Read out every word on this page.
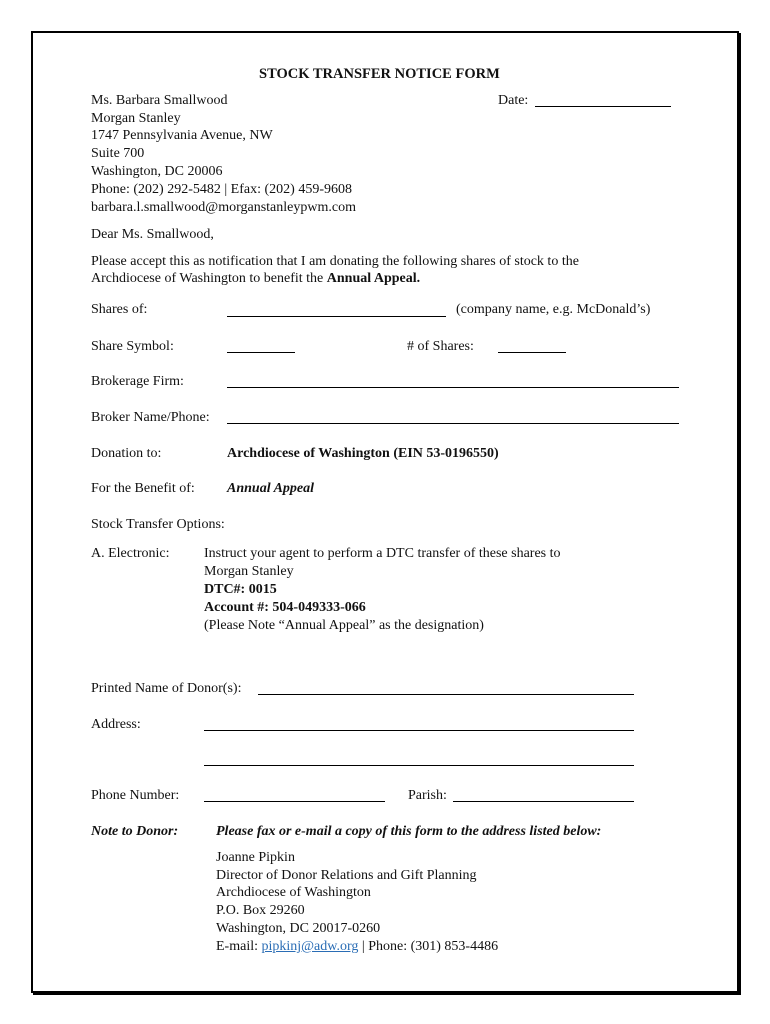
STOCK TRANSFER NOTICE FORM
Ms. Barbara Smallwood
Morgan Stanley
1747 Pennsylvania Avenue, NW
Suite 700
Washington, DC 20006
Phone: (202) 292-5482 | Efax: (202) 459-9608
barbara.l.smallwood@morganstanleypwm.com
Date:
Dear Ms. Smallwood,
Please accept this as notification that I am donating the following shares of stock to the
Archdiocese of Washington to benefit the Annual Appeal.
Shares of:	(company name, e.g. McDonald’s)
Share Symbol:	# of Shares:
Brokerage Firm:
Broker Name/Phone:
Donation to:	Archdiocese of Washington (EIN 53-0196550)
For the Benefit of: Annual Appeal
Stock Transfer Options:
A. Electronic: Instruct your agent to perform a DTC transfer of these shares to
Morgan Stanley
DTC#: 0015
Account #: 504-049333-066
(Please Note “Annual Appeal” as the designation)
Printed Name of Donor(s):
Address:
Phone Number:	Parish:
Note to Donor:	Please fax or e-mail a copy of this form to the address listed below:
Joanne Pipkin
Director of Donor Relations and Gift Planning
Archdiocese of Washington
P.O. Box 29260
Washington, DC 20017-0260
E-mail: pipkinj@adw.org | Phone: (301) 853-4486
